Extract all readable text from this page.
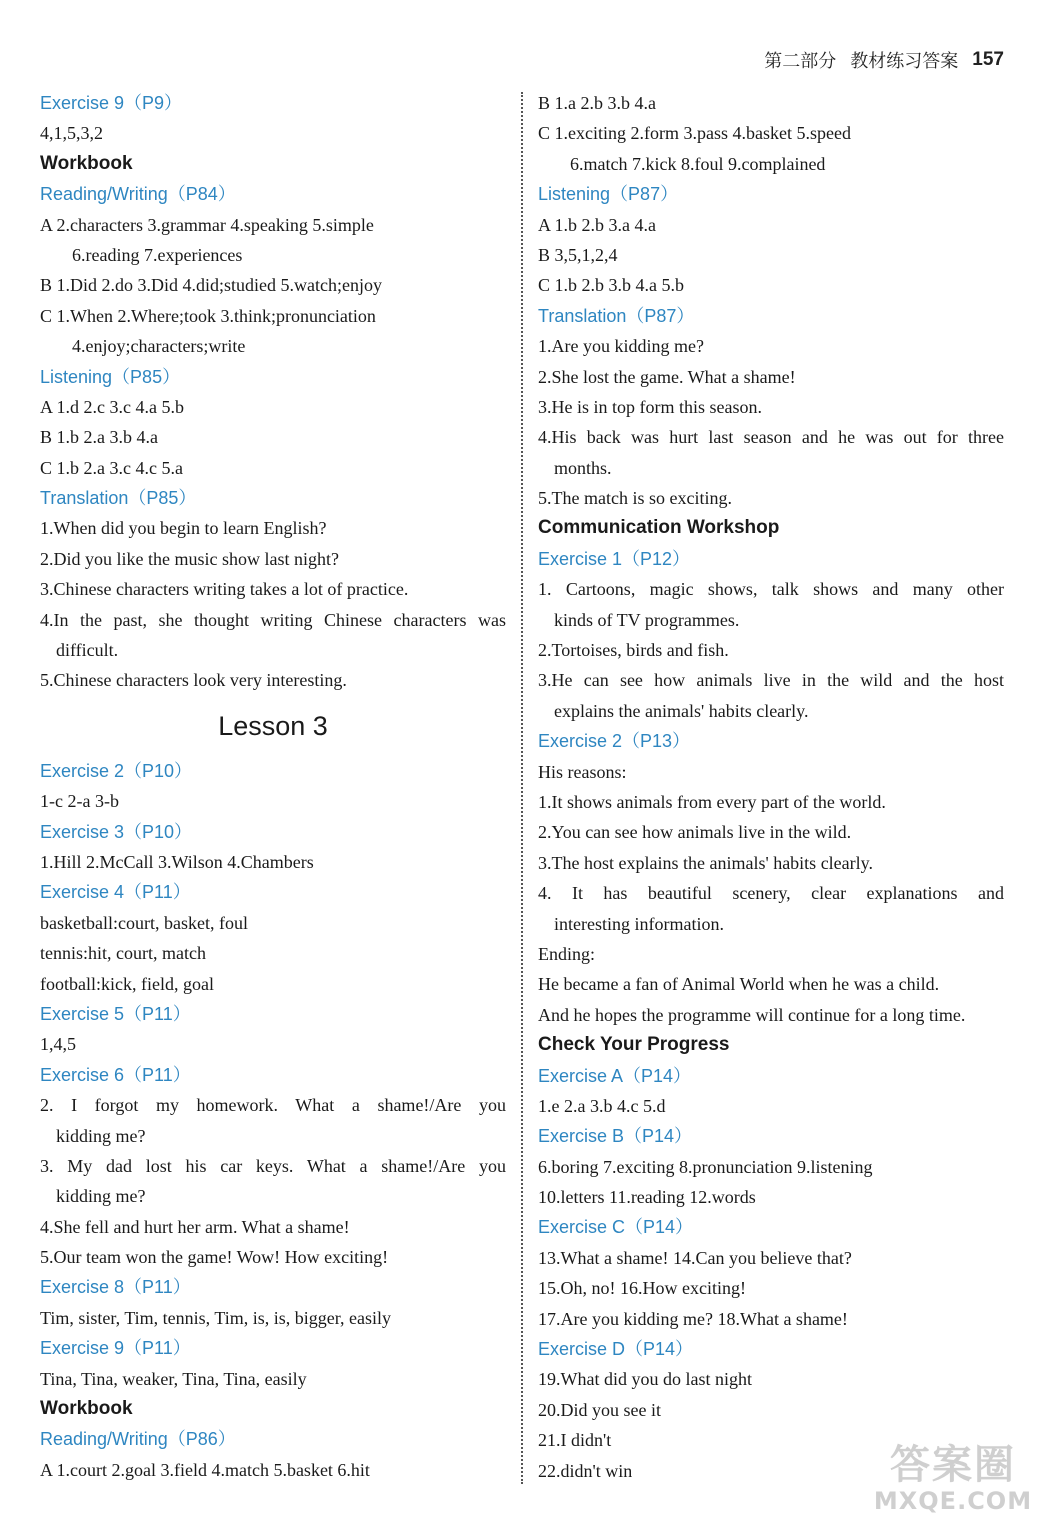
第二部分 教材练习答案 157
Exercise 9（P9）
4,1,5,3,2
Workbook
Reading/Writing（P84）
A 2.characters 3.grammar 4.speaking 5.simple
6.reading 7.experiences
B 1.Did 2.do 3.Did 4.did;studied 5.watch;enjoy
C 1.When 2.Where;took 3.think;pronunciation
4.enjoy;characters;write
Listening（P85）
A 1.d 2.c 3.c 4.a 5.b
B 1.b 2.a 3.b 4.a
C 1.b 2.a 3.c 4.c 5.a
Translation（P85）
1.When did you begin to learn English?
2.Did you like the music show last night?
3.Chinese characters writing takes a lot of practice.
4.In the past, she thought writing Chinese characters was
difficult.
5.Chinese characters look very interesting.
Lesson 3
Exercise 2（P10）
1-c 2-a 3-b
Exercise 3（P10）
1.Hill 2.McCall 3.Wilson 4.Chambers
Exercise 4（P11）
basketball:court, basket, foul
tennis:hit, court, match
football:kick, field, goal
Exercise 5（P11）
1,4,5
Exercise 6（P11）
2. I forgot my homework. What a shame!/Are you
kidding me?
3. My dad lost his car keys. What a shame!/Are you
kidding me?
4.She fell and hurt her arm. What a shame!
5.Our team won the game! Wow! How exciting!
Exercise 8（P11）
Tim, sister, Tim, tennis, Tim, is, is, bigger, easily
Exercise 9（P11）
Tina, Tina, weaker, Tina, Tina, easily
Workbook
Reading/Writing（P86）
A 1.court 2.goal 3.field 4.match 5.basket 6.hit
B 1.a 2.b 3.b 4.a
C 1.exciting 2.form 3.pass 4.basket 5.speed
6.match 7.kick 8.foul 9.complained
Listening（P87）
A 1.b 2.b 3.a 4.a
B 3,5,1,2,4
C 1.b 2.b 3.b 4.a 5.b
Translation（P87）
1.Are you kidding me?
2.She lost the game. What a shame!
3.He is in top form this season.
4.His back was hurt last season and he was out for three
months.
5.The match is so exciting.
Communication Workshop
Exercise 1（P12）
1. Cartoons, magic shows, talk shows and many other
kinds of TV programmes.
2.Tortoises, birds and fish.
3.He can see how animals live in the wild and the host
explains the animals' habits clearly.
Exercise 2（P13）
His reasons:
1.It shows animals from every part of the world.
2.You can see how animals live in the wild.
3.The host explains the animals' habits clearly.
4. It has beautiful scenery, clear explanations and
interesting information.
Ending:
He became a fan of Animal World when he was a child.
And he hopes the programme will continue for a long time.
Check Your Progress
Exercise A（P14）
1.e 2.a 3.b 4.c 5.d
Exercise B（P14）
6.boring 7.exciting 8.pronunciation 9.listening
10.letters 11.reading 12.words
Exercise C（P14）
13.What a shame! 14.Can you believe that?
15.Oh, no! 16.How exciting!
17.Are you kidding me? 18.What a shame!
Exercise D（P14）
19.What did you do last night
20.Did you see it
21.I didn't
22.didn't win	答案圈
MXQE.COM
